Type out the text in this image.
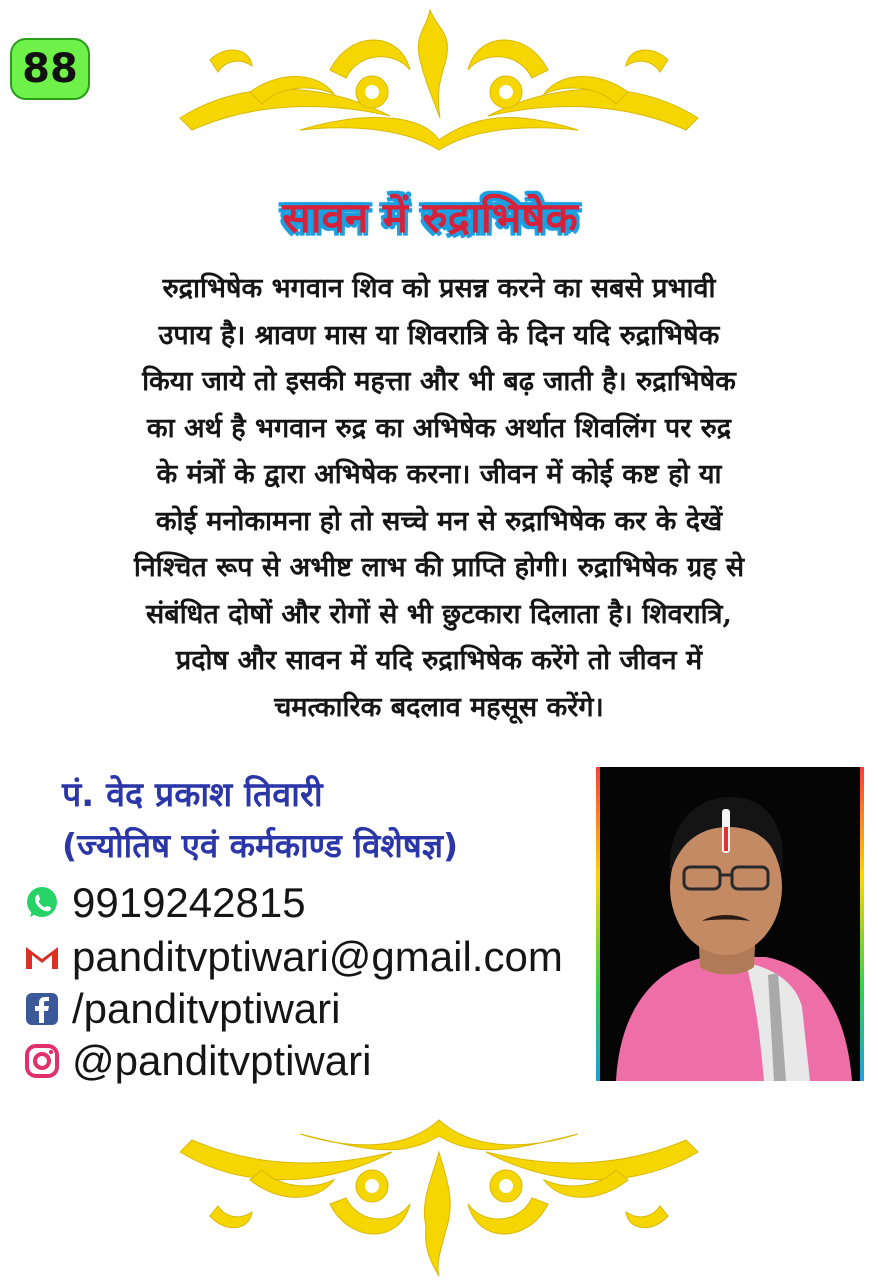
88
सावन में रुद्राभिषेक
रुद्राभिषेक भगवान शिव को प्रसन्न करने का सबसे प्रभावी
उपाय है। श्रावण मास या शिवरात्रि के दिन यदि रुद्राभिषेक
किया जाये तो इसकी महत्ता और भी बढ़ जाती है। रुद्राभिषेक
का अर्थ है भगवान रुद्र का अभिषेक अर्थात शिवलिंग पर रुद्र
के मंत्रों के द्वारा अभिषेक करना। जीवन में कोई कष्ट हो या
कोई मनोकामना हो तो सच्चे मन से रुद्राभिषेक कर के देखें
निश्चित रूप से अभीष्ट लाभ की प्राप्ति होगी। रुद्राभिषेक ग्रह से
संबंधित दोषों और रोगों से भी छुटकारा दिलाता है। शिवरात्रि,
प्रदोष और सावन में यदि रुद्राभिषेक करेंगे तो जीवन में
चमत्कारिक बदलाव महसूस करेंगे।
पं. वेद प्रकाश तिवारी
(ज्योतिष एवं कर्मकाण्ड विशेषज्ञ)
9919242815
panditvptiwari@gmail.com
/panditvptiwari
@panditvptiwari
